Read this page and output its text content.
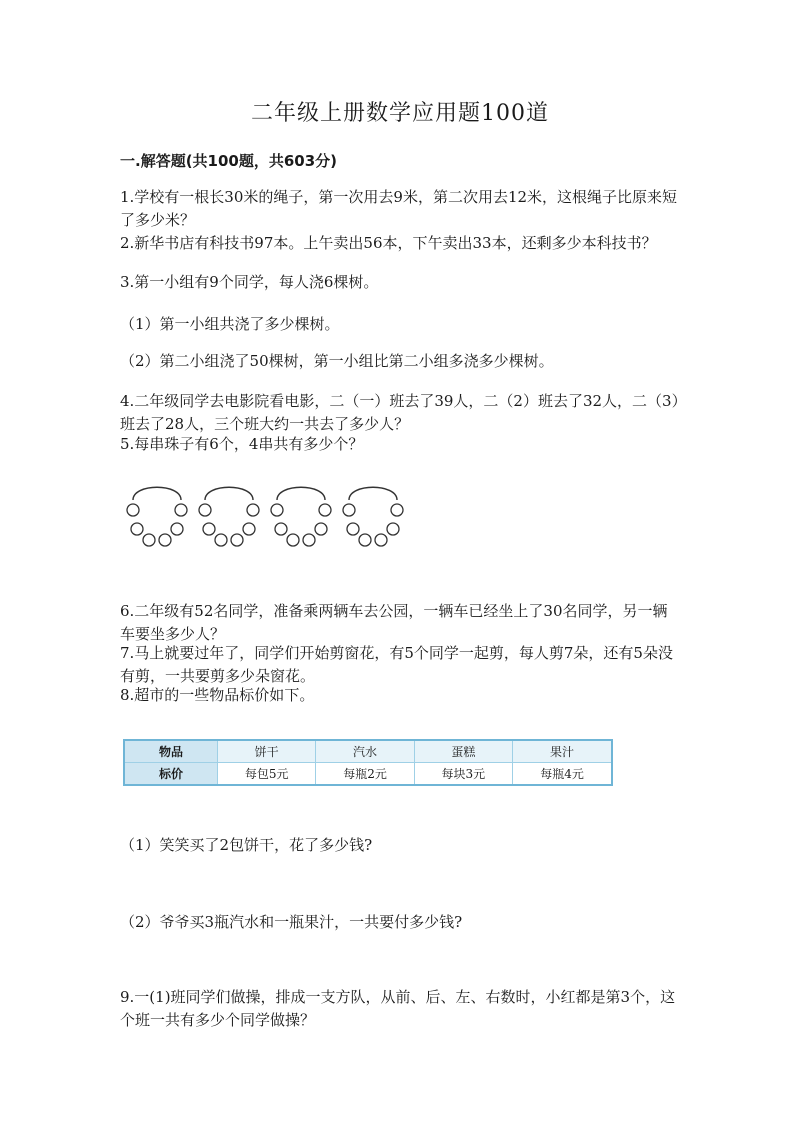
二年级上册数学应用题100道
一.解答题(共100题，共603分)
1.学校有一根长30米的绳子，第一次用去9米，第二次用去12米，这根绳子比原来短了多少米？
2.新华书店有科技书97本。上午卖出56本，下午卖出33本，还剩多少本科技书？
3.第一小组有9个同学，每人浇6棵树。
（1）第一小组共浇了多少棵树。
（2）第二小组浇了50棵树，第一小组比第二小组多浇多少棵树。
4.二年级同学去电影院看电影，二（一）班去了39人，二（2）班去了32人，二（3）班去了28人，三个班大约一共去了多少人？
5.每串珠子有6个，4串共有多少个？
6.二年级有52名同学，准备乘两辆车去公园，一辆车已经坐上了30名同学，另一辆车要坐多少人？
7.马上就要过年了，同学们开始剪窗花，有5个同学一起剪，每人剪7朵，还有5朵没有剪，一共要剪多少朵窗花。
8.超市的一些物品标价如下。
物品	饼干	汽水	蛋糕	果汁
标价	每包5元	每瓶2元	每块3元	每瓶4元
（1）笑笑买了2包饼干，花了多少钱?
（2）爷爷买3瓶汽水和一瓶果汁，一共要付多少钱?
9.一(1)班同学们做操，排成一支方队，从前、后、左、右数时，小红都是第3个，这个班一共有多少个同学做操？
